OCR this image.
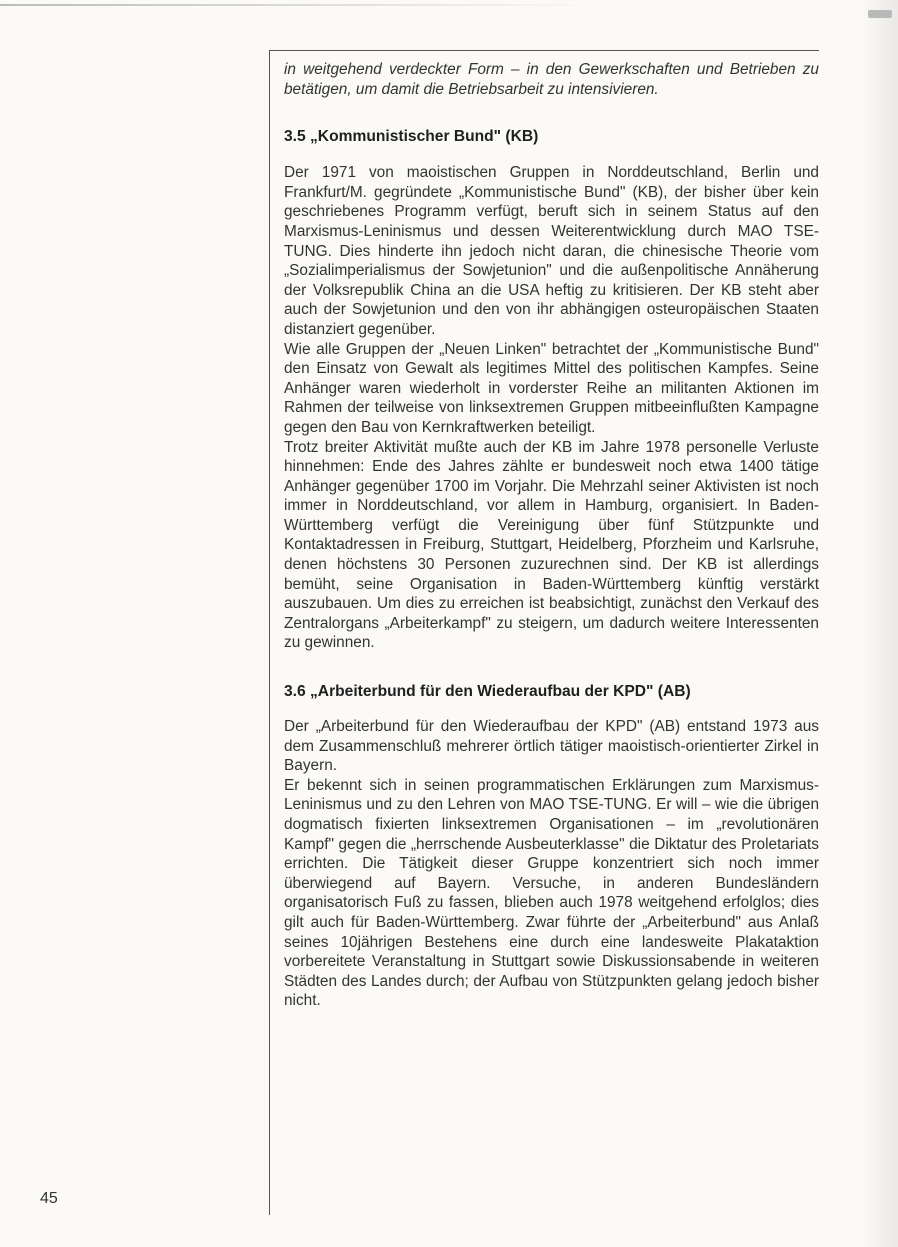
45

in weitgehend verdeckter Form – in den Gewerkschaften und Betrieben zu betätigen, um damit die Betriebsarbeit zu intensivieren.

3.5 „Kommunistischer Bund" (KB)

Der 1971 von maoistischen Gruppen in Norddeutschland, Berlin und Frankfurt/M. gegründete „Kommunistische Bund" (KB), der bisher über kein geschriebenes Programm verfügt, beruft sich in seinem Status auf den Marxismus-Leninismus und dessen Weiterentwicklung durch MAO TSE-TUNG. Dies hinderte ihn jedoch nicht daran, die chinesische Theorie vom „Sozialimperialismus der Sowjetunion" und die außenpolitische Annäherung der Volksrepublik China an die USA heftig zu kritisieren. Der KB steht aber auch der Sowjetunion und den von ihr abhängigen osteuropäischen Staaten distanziert gegenüber.

Wie alle Gruppen der „Neuen Linken" betrachtet der „Kommunistische Bund" den Einsatz von Gewalt als legitimes Mittel des politischen Kampfes. Seine Anhänger waren wiederholt in vorderster Reihe an militanten Aktionen im Rahmen der teilweise von linksextremen Gruppen mitbeeinflußten Kampagne gegen den Bau von Kernkraftwerken beteiligt.

Trotz breiter Aktivität mußte auch der KB im Jahre 1978 personelle Verluste hinnehmen: Ende des Jahres zählte er bundesweit noch etwa 1400 tätige Anhänger gegenüber 1700 im Vorjahr. Die Mehrzahl seiner Aktivisten ist noch immer in Norddeutschland, vor allem in Hamburg, organisiert. In Baden-Württemberg verfügt die Vereinigung über fünf Stützpunkte und Kontaktadressen in Freiburg, Stuttgart, Heidelberg, Pforzheim und Karlsruhe, denen höchstens 30 Personen zuzurechnen sind. Der KB ist allerdings bemüht, seine Organisation in Baden-Württemberg künftig verstärkt auszubauen. Um dies zu erreichen ist beabsichtigt, zunächst den Verkauf des Zentralorgans „Arbeiterkampf" zu steigern, um dadurch weitere Interessenten zu gewinnen.

3.6 „Arbeiterbund für den Wiederaufbau der KPD" (AB)

Der „Arbeiterbund für den Wiederaufbau der KPD" (AB) entstand 1973 aus dem Zusammenschluß mehrerer örtlich tätiger maoistisch-orientierter Zirkel in Bayern.

Er bekennt sich in seinen programmatischen Erklärungen zum Marxismus-Leninismus und zu den Lehren von MAO TSE-TUNG. Er will – wie die übrigen dogmatisch fixierten linksextremen Organisationen – im „revolutionären Kampf" gegen die „herrschende Ausbeuterklasse" die Diktatur des Proletariats errichten. Die Tätigkeit dieser Gruppe konzentriert sich noch immer überwiegend auf Bayern. Versuche, in anderen Bundesländern organisatorisch Fuß zu fassen, blieben auch 1978 weitgehend erfolglos; dies gilt auch für Baden-Württemberg. Zwar führte der „Arbeiterbund" aus Anlaß seines 10jährigen Bestehens eine durch eine landesweite Plakataktion vorbereitete Veranstaltung in Stuttgart sowie Diskussionsabende in weiteren Städten des Landes durch; der Aufbau von Stützpunkten gelang jedoch bisher nicht.
